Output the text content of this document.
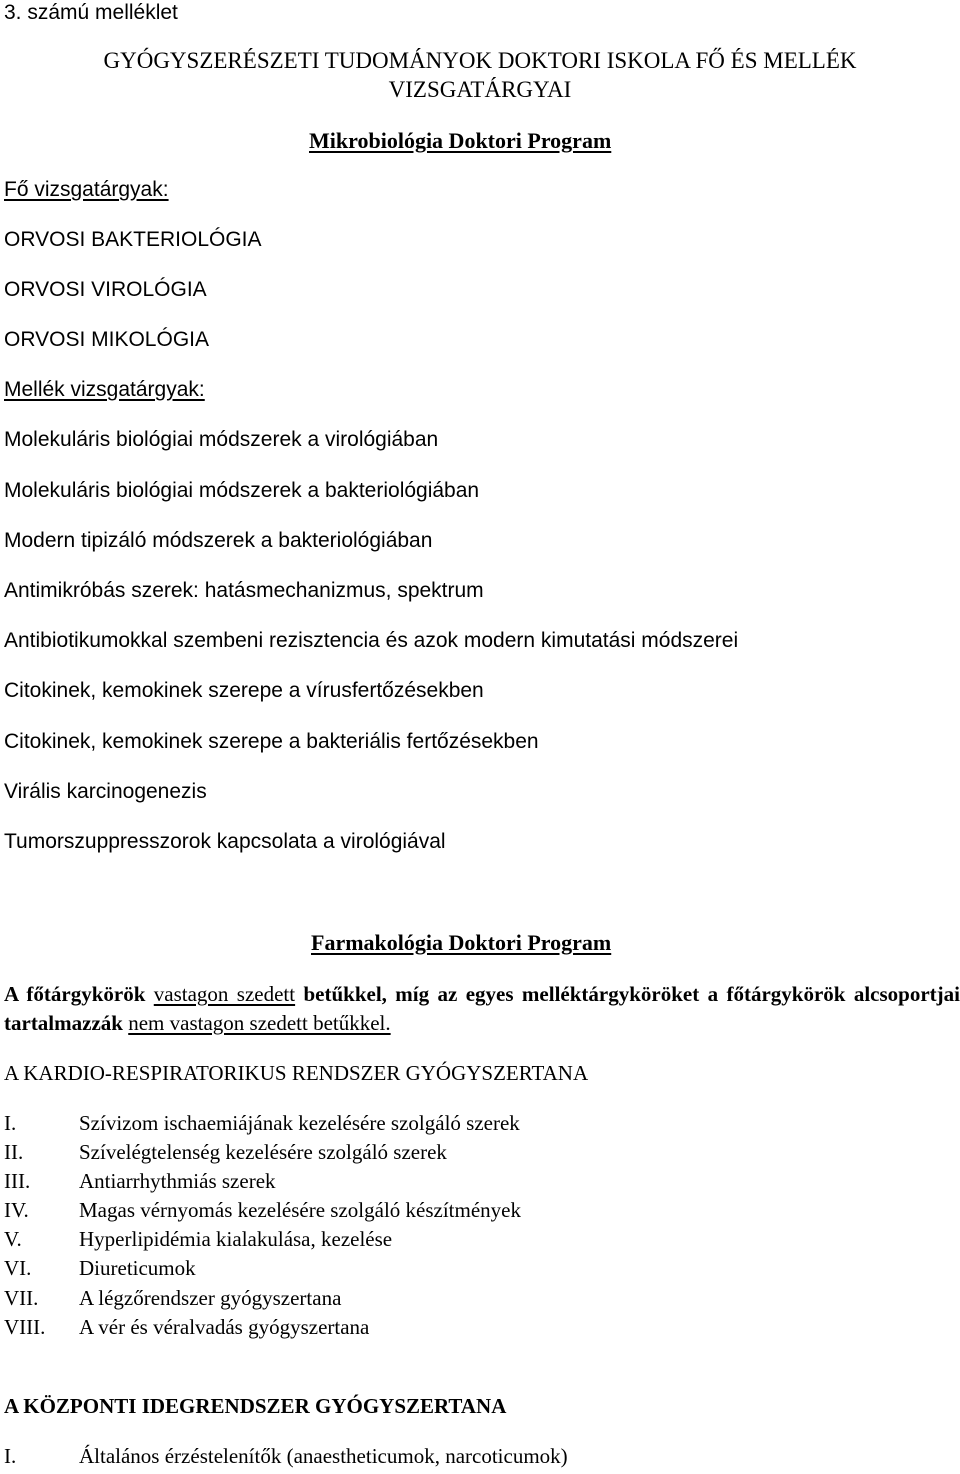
3. számú melléklet
GYÓGYSZERÉSZETI TUDOMÁNYOK DOKTORI ISKOLA FŐ ÉS MELLÉK
VIZSGATÁRGYAI
Mikrobiológia Doktori Program
Fő vizsgatárgyak:
ORVOSI BAKTERIOLÓGIA
ORVOSI VIROLÓGIA
ORVOSI MIKOLÓGIA
Mellék vizsgatárgyak:
Molekuláris biológiai módszerek a virológiában
Molekuláris biológiai módszerek a bakteriológiában
Modern tipizáló módszerek a bakteriológiában
Antimikróbás szerek: hatásmechanizmus, spektrum
Antibiotikumokkal szembeni rezisztencia és azok modern kimutatási módszerei
Citokinek, kemokinek szerepe a vírusfertőzésekben
Citokinek, kemokinek szerepe a bakteriális fertőzésekben
Virális karcinogenezis
Tumorszuppresszorok kapcsolata a virológiával
Farmakológia Doktori Program
A főtárgykörök vastagon szedett betűkkel, míg az egyes melléktárgyköröket a főtárgykörök alcsoportjai tartalmazzák nem vastagon szedett betűkkel.
A KARDIO-RESPIRATORIKUS RENDSZER GYÓGYSZERTANA
I.	Szívizom ischaemiájának kezelésére szolgáló szerek
II.	Szívelégtelenség kezelésére szolgáló szerek
III. Antiarrhythmiás szerek
IV. Magas vérnyomás kezelésére szolgáló készítmények
V.	Hyperlipidémia kialakulása, kezelése
VI. Diureticumok
VII. A légzőrendszer gyógyszertana
VIII. A vér és véralvadás gyógyszertana
A KÖZPONTI IDEGRENDSZER GYÓGYSZERTANA
I.	Általános érzéstelenítők (anaestheticumok, narcoticumok)
